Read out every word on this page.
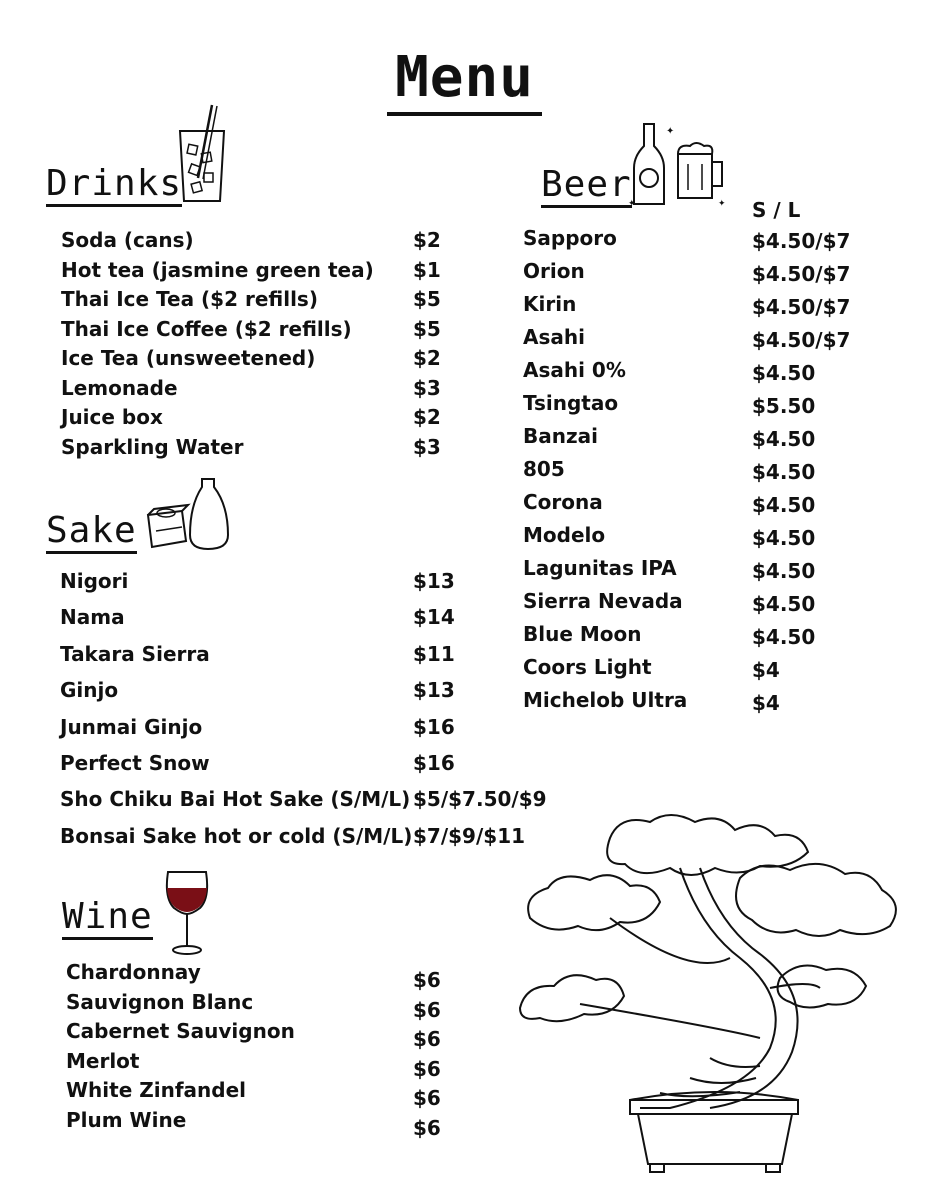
Menu
Drinks
Soda (cans)	$2
Hot tea (jasmine green tea) $1
Thai Ice Tea ($2 refills)	$5
Thai Ice Coffee ($2 refills)	$5
Ice Tea (unsweetened)	$2
Lemonade	$3
Juice box	$2
Sparkling Water	$3
Sake
Nigori	$13
Nama	$14
Takara Sierra	$11
Ginjo	$13
Junmai Ginjo	$16
Perfect Snow	$16
Sho Chiku Bai Hot Sake (S/M/L) $5/$7.50/$9
Bonsai Sake hot or cold (S/M/L) $7/$9/$11
Wine
Chardonnay	$6
Sauvignon Blanc	$6
Cabernet Sauvignon	$6
Merlot	$6
White Zinfandel	$6
Plum Wine	$6
Beer
✦
✦	✦ S / L
Sapporo	$4.50/$7
Orion	$4.50/$7
Kirin	$4.50/$7
Asahi	$4.50/$7
Asahi 0%	$4.50
Tsingtao	$5.50
Banzai	$4.50
805	$4.50
Corona	$4.50
Modelo	$4.50
Lagunitas IPA	$4.50
Sierra Nevada	$4.50
Blue Moon	$4.50
Coors Light	$4
Michelob Ultra	$4
